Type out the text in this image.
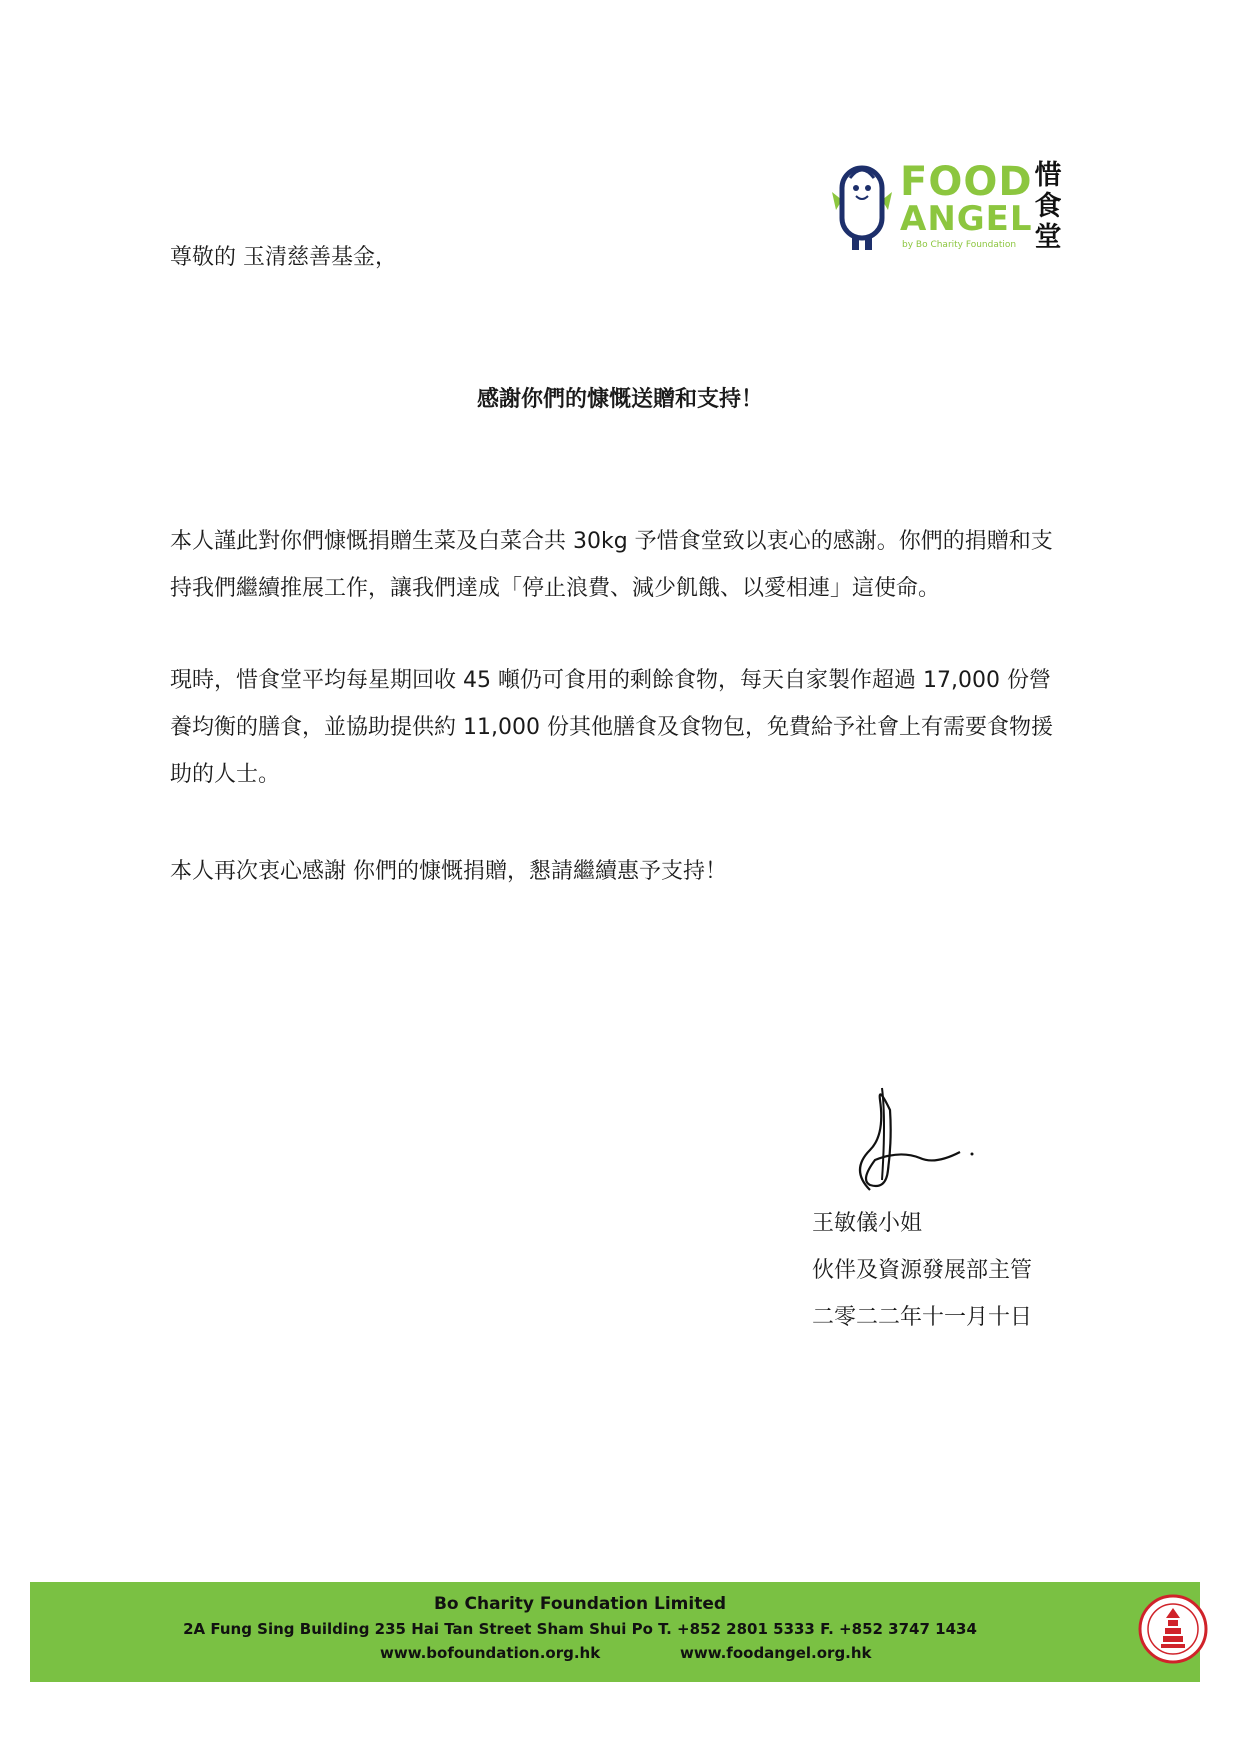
FOOD
ANGEL
by Bo Charity Foundation
惜
食
堂
尊敬的 玉清慈善基金，
感謝你們的慷慨送贈和支持！
本人謹此對你們慷慨捐贈生菜及白菜合共 30kg 予惜食堂致以衷心的感謝。你們的捐贈和支持我們繼續推展工作，讓我們達成「停止浪費、減少飢餓、以愛相連」這使命。
現時，惜食堂平均每星期回收 45 噸仍可食用的剩餘食物，每天自家製作超過 17,000 份營養均衡的膳食，並協助提供約 11,000 份其他膳食及食物包，免費給予社會上有需要食物援助的人士。
本人再次衷心感謝 你們的慷慨捐贈，懇請繼續惠予支持！
王敏儀小姐
伙伴及資源發展部主管
二零二二年十一月十日
Bo Charity Foundation Limited
2A Fung Sing Building 235 Hai Tan Street Sham Shui Po T. +852 2801 5333 F. +852 3747 1434
www.bofoundation.org.hk	www.foodangel.org.hk
